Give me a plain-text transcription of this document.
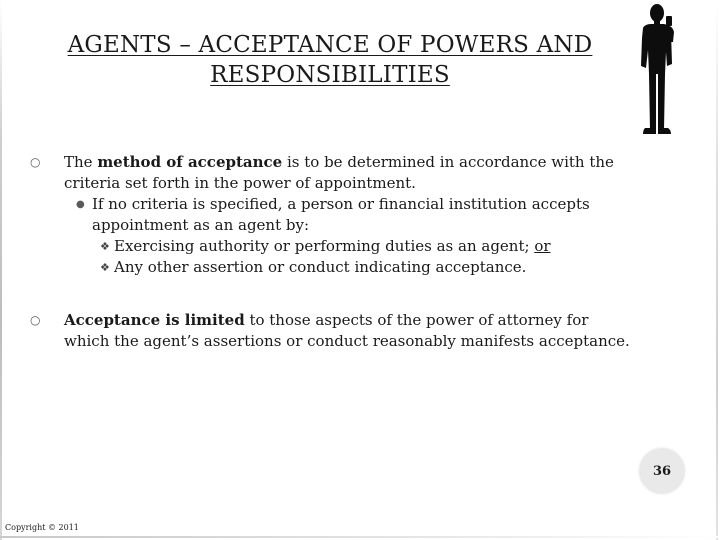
AGENTS – ACCEPTANCE OF POWERS AND RESPONSIBILITIES
○ The method of acceptance is to be determined in accordance with the criteria set forth in the power of appointment.
● If no criteria is specified, a person or financial institution accepts appointment as an agent by:
❖ Exercising authority or performing duties as an agent; or
❖ Any other assertion or conduct indicating acceptance.
○ Acceptance is limited to those aspects of the power of attorney for which the agent’s assertions or conduct reasonably manifests acceptance.
36
Copyright © 2011
